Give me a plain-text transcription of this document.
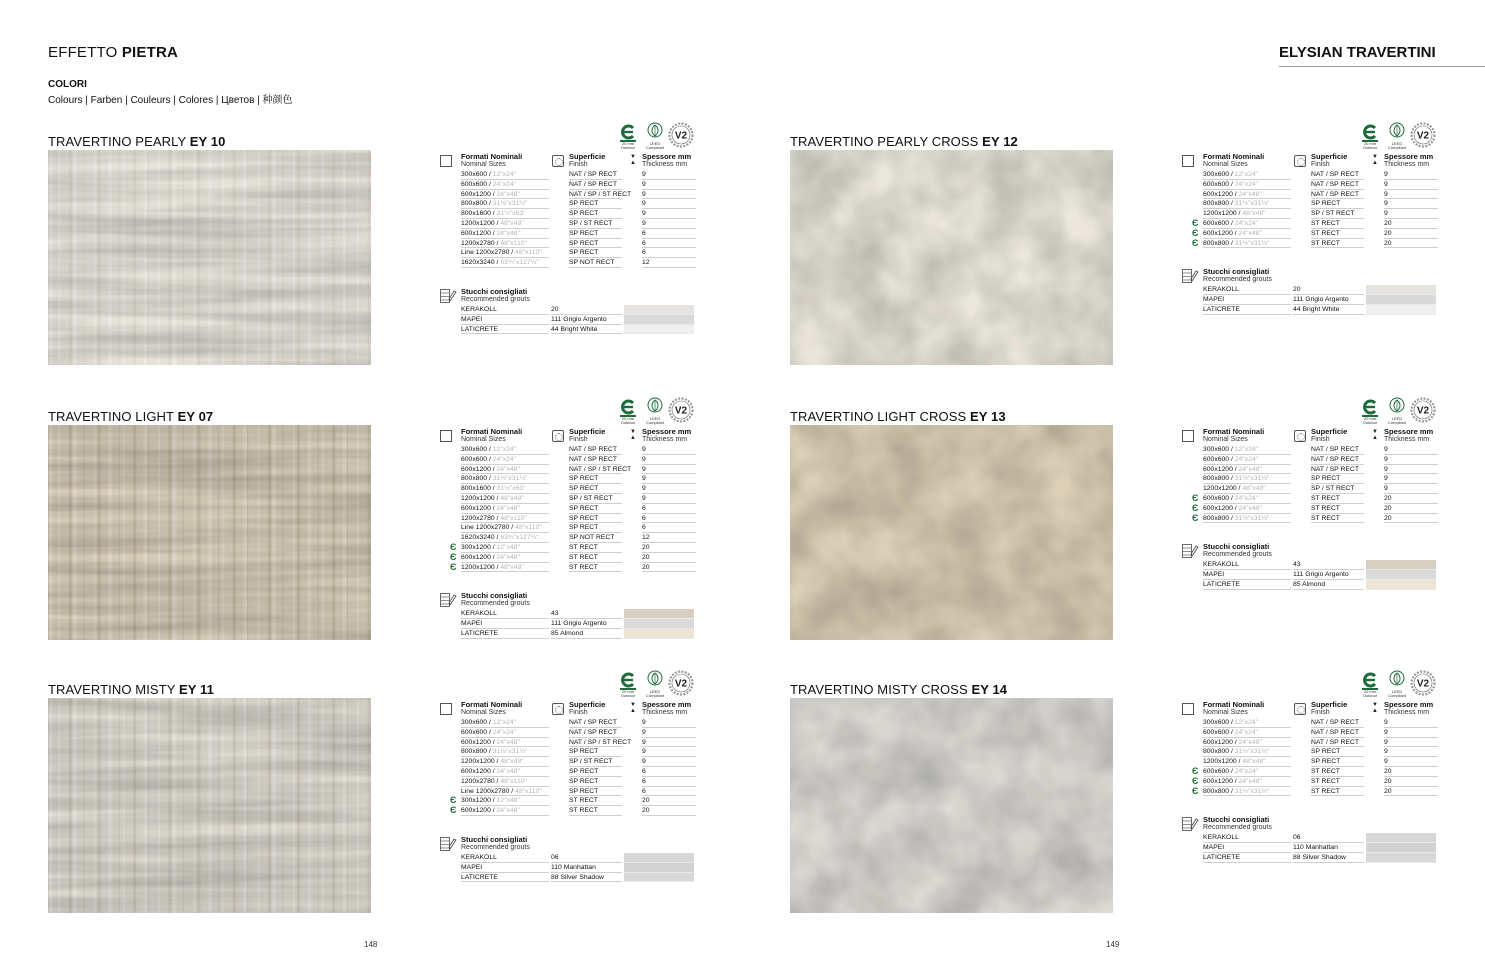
EFFETTO PIETRA	ELYSIAN TRAVERTINI
COLORI
Colours | Farben | Couleurs | Colores | Цветов | 种颜色
TRAVERTINO PEARLY EY 10	20 mm Outdoor
LEED Compliant
V2
▼
▲
Formati Nominali
Nominal Sizes
Superficie
Finish
Spessore mm
Thickness mm
300x600 / 12"x24"	NAT / SP RECT	9
600x600 / 24"x24"	NAT / SP RECT	9
600x1200 / 24"x48"	NAT / SP / ST RECT 9
800x800 / 31½"x31½"	SP RECT	9
800x1600 / 31½"x63"	SP RECT	9
1200x1200 / 48"x48"	SP / ST RECT	9
600x1200 / 24"x48"	SP RECT	6
1200x2780 / 48"x110"	SP RECT	6
Line 1200x2780 / 48"x110"	SP RECT	6
1620x3240 / 63¾"x127½"	SP NOT RECT	12
Stucchi consigliati
Recommended grouts
KERAKOLL	20
MAPEI	111 Grigio Argento
LATICRETE	44 Bright White
TRAVERTINO PEARLY CROSS EY 12	20 mm Outdoor
LEED Compliant
V2
▼
▲
Formati Nominali
Nominal Sizes
Superficie
Finish
Spessore mm
Thickness mm
300x600 / 12"x24"	NAT / SP RECT	9
600x600 / 24"x24"	NAT / SP RECT	9
600x1200 / 24"x48"	NAT / SP RECT	9
800x800 / 31½"x31½"	SP RECT	9
1200x1200 / 48"x48"	SP / ST RECT	9
Є 600x600 / 24"x24"	ST RECT	20
Є 600x1200 / 24"x48"	ST RECT	20
Є 800x800 / 31½"x31½"	ST RECT	20
Stucchi consigliati
Recommended grouts
KERAKOLL	20
MAPEI	111 Grigio Argento
LATICRETE	44 Bright White
TRAVERTINO LIGHT EY 07	20 mm Outdoor
LEED Compliant
V2
▼
▲
Formati Nominali
Nominal Sizes
Superficie
Finish
Spessore mm
Thickness mm
300x600 / 12"x24"	NAT / SP RECT	9
600x600 / 24"x24"	NAT / SP RECT	9
600x1200 / 24"x48"	NAT / SP / ST RECT 9
800x800 / 31½"x31½"	SP RECT	9
800x1600 / 31½"x63"	SP RECT	9
1200x1200 / 48"x48"	SP / ST RECT	9
600x1200 / 24"x48"	SP RECT	6
1200x2780 / 48"x110"	SP RECT	6
Line 1200x2780 / 48"x110"	SP RECT	6
1620x3240 / 63¾"x127½"	SP NOT RECT	12
Є 300x1200 / 12"x48"	ST RECT	20
Є 600x1200 / 24"x48"	ST RECT	20
Є 1200x1200 / 48"x48"	ST RECT	20
Stucchi consigliati
Recommended grouts
KERAKOLL	43
MAPEI	111 Grigio Argento
LATICRETE	85 Almond
TRAVERTINO LIGHT CROSS EY 13	20 mm Outdoor
LEED Compliant
V2
▼
▲
Formati Nominali
Nominal Sizes
Superficie
Finish
Spessore mm
Thickness mm
300x600 / 12"x24"	NAT / SP RECT	9
600x600 / 24"x24"	NAT / SP RECT	9
600x1200 / 24"x48"	NAT / SP RECT	9
800x800 / 31½"x31½"	SP RECT	9
1200x1200 / 48"x48"	SP / ST RECT	9
Є 600x600 / 24"x24"	ST RECT	20
Є 600x1200 / 24"x48"	ST RECT	20
Є 800x800 / 31½"x31½"	ST RECT	20
Stucchi consigliati
Recommended grouts
KERAKOLL	43
MAPEI	111 Grigio Argento
LATICRETE	85 Almond
TRAVERTINO MISTY EY 11	20 mm Outdoor
LEED Compliant
V2
▼
▲
Formati Nominali
Nominal Sizes
Superficie
Finish
Spessore mm
Thickness mm
300x600 / 12"x24"	NAT / SP RECT	9
600x600 / 24"x24"	NAT / SP RECT	9
600x1200 / 24"x48"	NAT / SP / ST RECT 9
800x800 / 31½"x31½"	SP RECT	9
1200x1200 / 48"x48"	SP / ST RECT	9
600x1200 / 24"x48"	SP RECT	6
1200x2780 / 48"x110"	SP RECT	6
Line 1200x2780 / 48"x110"	SP RECT	6
Є 300x1200 / 12"x48"	ST RECT	20
Є 600x1200 / 24"x48"	ST RECT	20
Stucchi consigliati
Recommended grouts
KERAKOLL	06
MAPEI	110 Manhattan
LATICRETE	88 Silver Shadow
TRAVERTINO MISTY CROSS EY 14	20 mm Outdoor
LEED Compliant
V2
▼
▲
Formati Nominali
Nominal Sizes
Superficie
Finish
Spessore mm
Thickness mm
300x600 / 12"x24"	NAT / SP RECT	9
600x600 / 24"x24"	NAT / SP RECT	9
600x1200 / 24"x48"	NAT / SP RECT	9
800x800 / 31½"x31½"	SP RECT	9
1200x1200 / 48"x48"	SP RECT	9
Є 600x600 / 24"x24"	ST RECT	20
Є 600x1200 / 24"x48"	ST RECT	20
Є 800x800 / 31½"x31½"	ST RECT	20
Stucchi consigliati
Recommended grouts
KERAKOLL	06
MAPEI	110 Manhattan
LATICRETE	88 Silver Shadow
148	149
